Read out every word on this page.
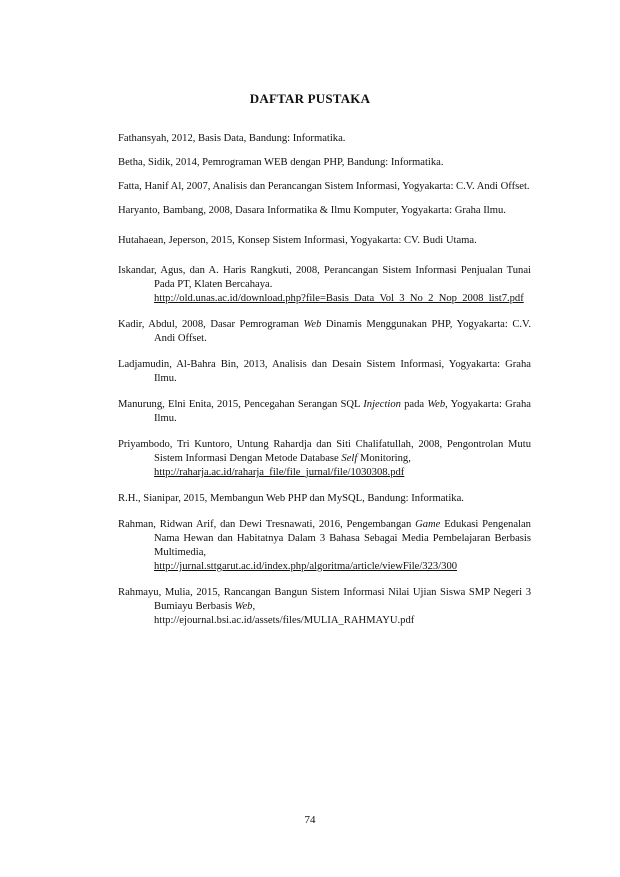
DAFTAR PUSTAKA

Fathansyah, 2012, Basis Data, Bandung: Informatika.

Betha, Sidik, 2014, Pemrograman WEB dengan PHP, Bandung: Informatika.

Fatta, Hanif Al, 2007, Analisis dan Perancangan Sistem Informasi, Yogyakarta: C.V. Andi Offset.

Haryanto, Bambang, 2008, Dasara Informatika & Ilmu Komputer, Yogyakarta: Graha Ilmu.

Hutahaean, Jeperson, 2015, Konsep Sistem Informasi, Yogyakarta: CV. Budi Utama.

Iskandar, Agus, dan A. Haris Rangkuti, 2008, Perancangan Sistem Informasi Penjualan Tunai Pada PT, Klaten Bercahaya.
http://old.unas.ac.id/download.php?file=Basis_Data_Vol_3_No_2_Nop_2008_list7.pdf

Kadir, Abdul, 2008, Dasar Pemrograman Web Dinamis Menggunakan PHP, Yogyakarta: C.V. Andi Offset.

Ladjamudin, Al-Bahra Bin, 2013, Analisis dan Desain Sistem Informasi, Yogyakarta: Graha Ilmu.

Manurung, Elni Enita, 2015, Pencegahan Serangan SQL Injection pada Web, Yogyakarta: Graha Ilmu.

Priyambodo, Tri Kuntoro, Untung Rahardja dan Siti Chalifatullah, 2008, Pengontrolan Mutu Sistem Informasi Dengan Metode Database Self Monitoring,
http://raharja.ac.id/raharja_file/file_jurnal/file/1030308.pdf

R.H., Sianipar, 2015, Membangun Web PHP dan MySQL, Bandung: Informatika.

Rahman, Ridwan Arif, dan Dewi Tresnawati, 2016, Pengembangan Game Edukasi Pengenalan Nama Hewan dan Habitatnya Dalam 3 Bahasa Sebagai Media Pembelajaran Berbasis Multimedia,
http://jurnal.sttgarut.ac.id/index.php/algoritma/article/viewFile/323/300

Rahmayu, Mulia, 2015, Rancangan Bangun Sistem Informasi Nilai Ujian Siswa SMP Negeri 3 Bumiayu Berbasis Web,
http://ejournal.bsi.ac.id/assets/files/MULIA_RAHMAYU.pdf

74
